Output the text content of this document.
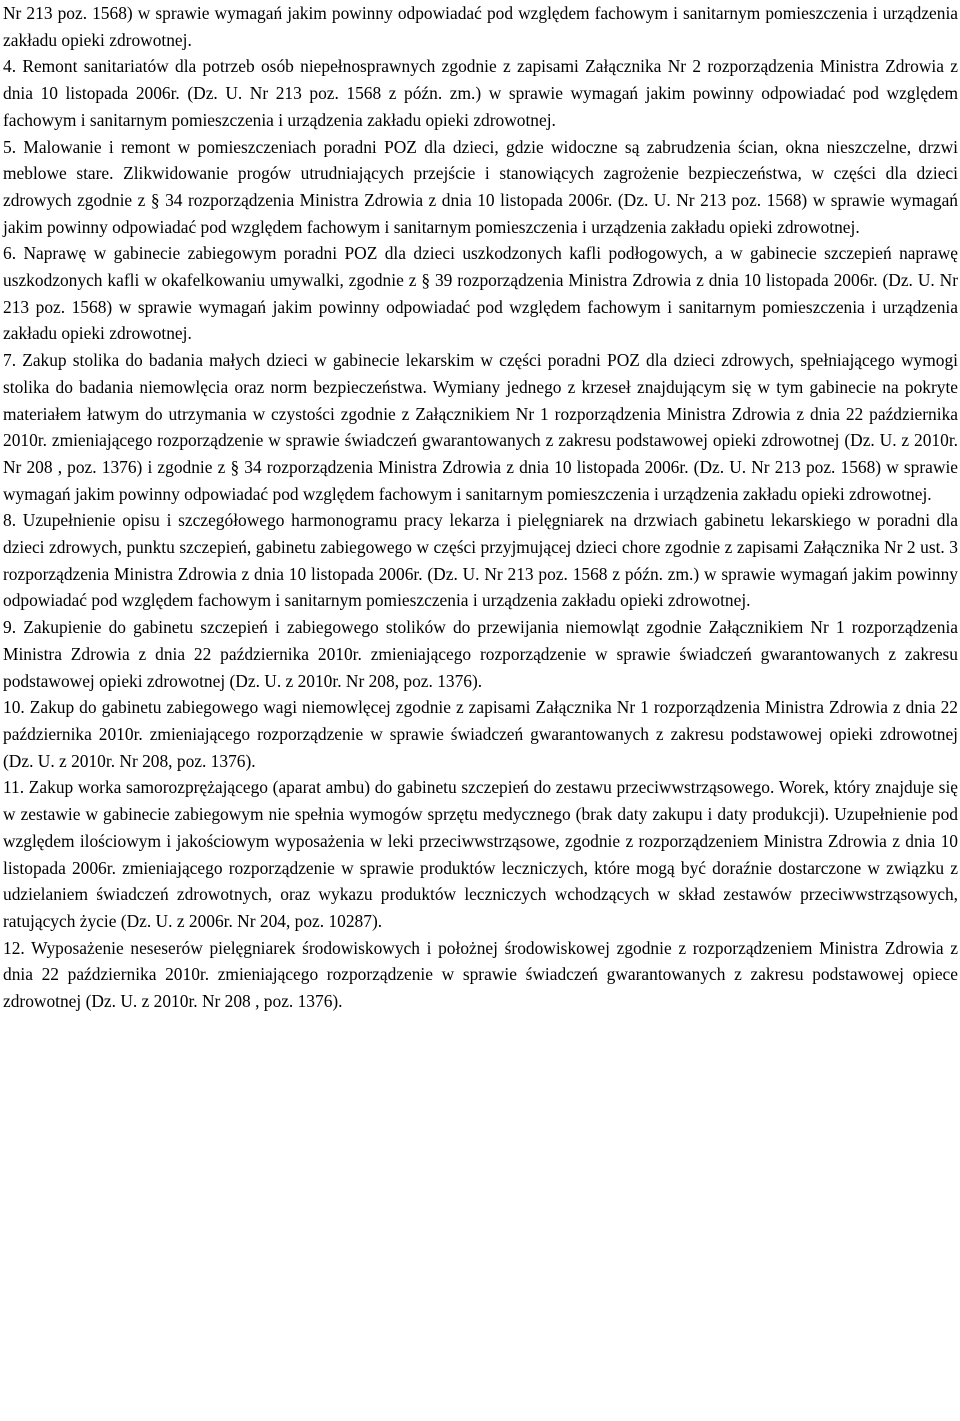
Nr 213 poz. 1568) w sprawie wymagań jakim powinny odpowiadać pod względem fachowym i sanitarnym pomieszczenia i urządzenia zakładu opieki zdrowotnej.

4. Remont sanitariatów dla potrzeb osób niepełnosprawnych zgodnie z zapisami Załącznika Nr 2 rozporządzenia Ministra Zdrowia z dnia 10 listopada 2006r. (Dz. U. Nr 213 poz. 1568 z późn. zm.) w sprawie wymagań jakim powinny odpowiadać pod względem fachowym i sanitarnym pomieszczenia i urządzenia zakładu opieki zdrowotnej.

5. Malowanie i remont w pomieszczeniach poradni POZ dla dzieci, gdzie widoczne są zabrudzenia ścian, okna nieszczelne, drzwi meblowe stare. Zlikwidowanie progów utrudniających przejście i stanowiących zagrożenie bezpieczeństwa, w części dla dzieci zdrowych zgodnie z § 34 rozporządzenia Ministra Zdrowia z dnia 10 listopada 2006r. (Dz. U. Nr 213 poz. 1568) w sprawie wymagań jakim powinny odpowiadać pod względem fachowym i sanitarnym pomieszczenia i urządzenia zakładu opieki zdrowotnej.

6. Naprawę w gabinecie zabiegowym poradni POZ dla dzieci uszkodzonych kafli podłogowych, a w gabinecie szczepień naprawę uszkodzonych kafli w okafelkowaniu umywalki, zgodnie z § 39 rozporządzenia Ministra Zdrowia z dnia 10 listopada 2006r. (Dz. U. Nr 213 poz. 1568) w sprawie wymagań jakim powinny odpowiadać pod względem fachowym i sanitarnym pomieszczenia i urządzenia zakładu opieki zdrowotnej.

7. Zakup stolika do badania małych dzieci w gabinecie lekarskim w części poradni POZ dla dzieci zdrowych, spełniającego wymogi stolika do badania niemowlęcia oraz norm bezpieczeństwa. Wymiany jednego z krzeseł znajdującym się w tym gabinecie na pokryte materiałem łatwym do utrzymania w czystości zgodnie z Załącznikiem Nr 1 rozporządzenia Ministra Zdrowia z dnia 22 października 2010r. zmieniającego rozporządzenie w sprawie świadczeń gwarantowanych z zakresu podstawowej opieki zdrowotnej (Dz. U. z 2010r. Nr 208 , poz. 1376) i zgodnie z § 34 rozporządzenia Ministra Zdrowia z dnia 10 listopada 2006r. (Dz. U. Nr 213 poz. 1568) w sprawie wymagań jakim powinny odpowiadać pod względem fachowym i sanitarnym pomieszczenia i urządzenia zakładu opieki zdrowotnej.

8. Uzupełnienie opisu i szczegółowego harmonogramu pracy lekarza i pielęgniarek na drzwiach gabinetu lekarskiego w poradni dla dzieci zdrowych, punktu szczepień, gabinetu zabiegowego w części przyjmującej dzieci chore zgodnie z zapisami Załącznika Nr 2 ust. 3 rozporządzenia Ministra Zdrowia z dnia 10 listopada 2006r. (Dz. U. Nr 213 poz. 1568 z późn. zm.) w sprawie wymagań jakim powinny odpowiadać pod względem fachowym i sanitarnym pomieszczenia i urządzenia zakładu opieki zdrowotnej.

9. Zakupienie do gabinetu szczepień i zabiegowego stolików do przewijania niemowląt zgodnie Załącznikiem Nr 1 rozporządzenia Ministra Zdrowia z dnia 22 października 2010r. zmieniającego rozporządzenie w sprawie świadczeń gwarantowanych z zakresu podstawowej opieki zdrowotnej (Dz. U. z 2010r. Nr 208, poz. 1376).

10. Zakup do gabinetu zabiegowego wagi niemowlęcej zgodnie z zapisami Załącznika Nr 1 rozporządzenia Ministra Zdrowia z dnia 22 października 2010r. zmieniającego rozporządzenie w sprawie świadczeń gwarantowanych z zakresu podstawowej opieki zdrowotnej (Dz. U. z 2010r. Nr 208, poz. 1376).

11. Zakup worka samorozprężającego (aparat ambu) do gabinetu szczepień do zestawu przeciwwstrząsowego. Worek, który znajduje się w zestawie w gabinecie zabiegowym nie spełnia wymogów sprzętu medycznego (brak daty zakupu i daty produkcji). Uzupełnienie pod względem ilościowym i jakościowym wyposażenia w leki przeciwwstrząsowe, zgodnie z rozporządzeniem Ministra Zdrowia z dnia 10 listopada 2006r. zmieniającego rozporządzenie w sprawie produktów leczniczych, które mogą być doraźnie dostarczone w związku z udzielaniem świadczeń zdrowotnych, oraz wykazu produktów leczniczych wchodzących w skład zestawów przeciwwstrząsowych, ratujących życie (Dz. U. z 2006r. Nr 204, poz. 10287).

12. Wyposażenie neseserów pielęgniarek środowiskowych i położnej środowiskowej zgodnie z rozporządzeniem Ministra Zdrowia z dnia 22 października 2010r. zmieniającego rozporządzenie w sprawie świadczeń gwarantowanych z zakresu podstawowej opiece zdrowotnej (Dz. U. z 2010r. Nr 208 , poz. 1376).
